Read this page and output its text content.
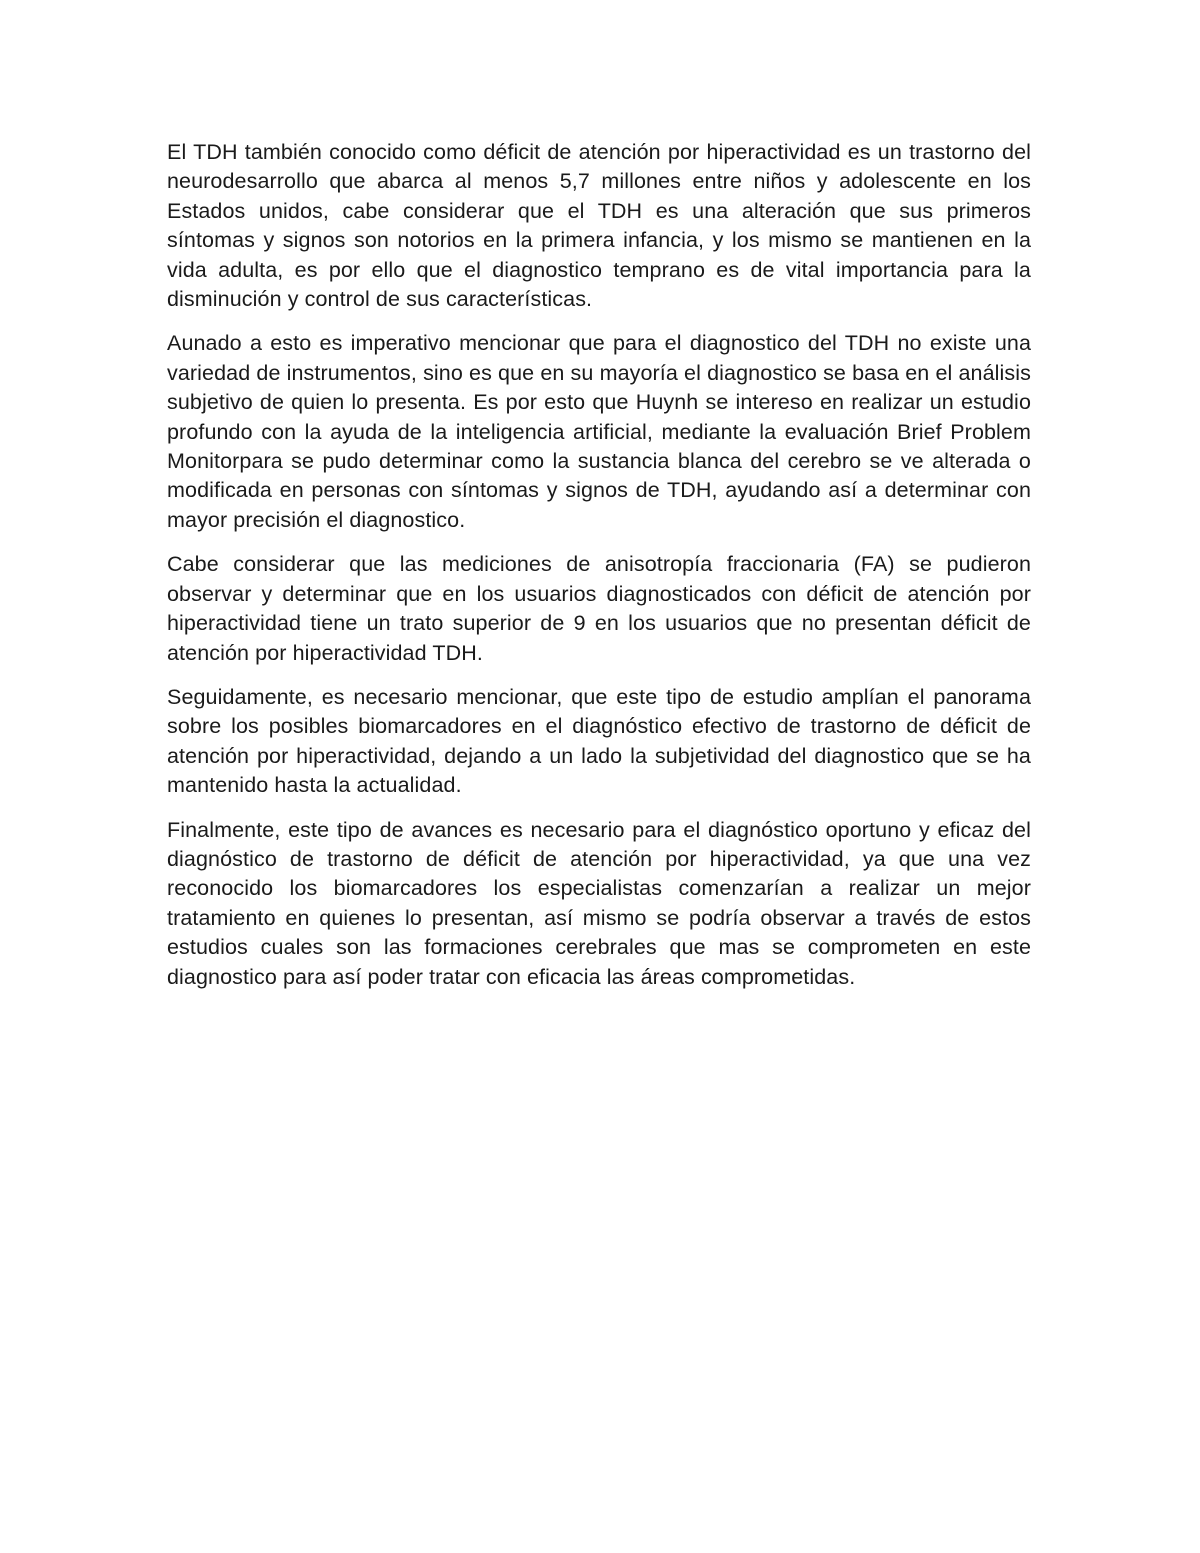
El TDH también conocido como déficit de atención por hiperactividad es un trastorno del neurodesarrollo que abarca al menos 5,7 millones entre niños y adolescente en los Estados unidos, cabe considerar que el TDH es una alteración que sus primeros síntomas y signos son notorios en la primera infancia, y los mismo se mantienen en la vida adulta, es por ello que el diagnostico temprano es de vital importancia para la disminución y control de sus características.

Aunado a esto es imperativo mencionar que para el diagnostico del TDH no existe una variedad de instrumentos, sino es que en su mayoría el diagnostico se basa en el análisis subjetivo de quien lo presenta. Es por esto que Huynh se intereso en realizar un estudio profundo con la ayuda de la inteligencia artificial, mediante la evaluación Brief Problem Monitorpara se pudo determinar como la sustancia blanca del cerebro se ve alterada o modificada en personas con síntomas y signos de TDH, ayudando así a determinar con mayor precisión el diagnostico.

Cabe considerar que las mediciones de anisotropía fraccionaria (FA) se pudieron observar y determinar que en los usuarios diagnosticados con déficit de atención por hiperactividad tiene un trato superior de 9 en los usuarios que no presentan déficit de atención por hiperactividad TDH.

Seguidamente, es necesario mencionar, que este tipo de estudio amplían el panorama sobre los posibles biomarcadores en el diagnóstico efectivo de trastorno de déficit de atención por hiperactividad, dejando a un lado la subjetividad del diagnostico que se ha mantenido hasta la actualidad.

Finalmente, este tipo de avances es necesario para el diagnóstico oportuno y eficaz del diagnóstico de trastorno de déficit de atención por hiperactividad, ya que una vez reconocido los biomarcadores los especialistas comenzarían a realizar un mejor tratamiento en quienes lo presentan, así mismo se podría observar a través de estos estudios cuales son las formaciones cerebrales que mas se comprometen en este diagnostico para así poder tratar con eficacia las áreas comprometidas.
